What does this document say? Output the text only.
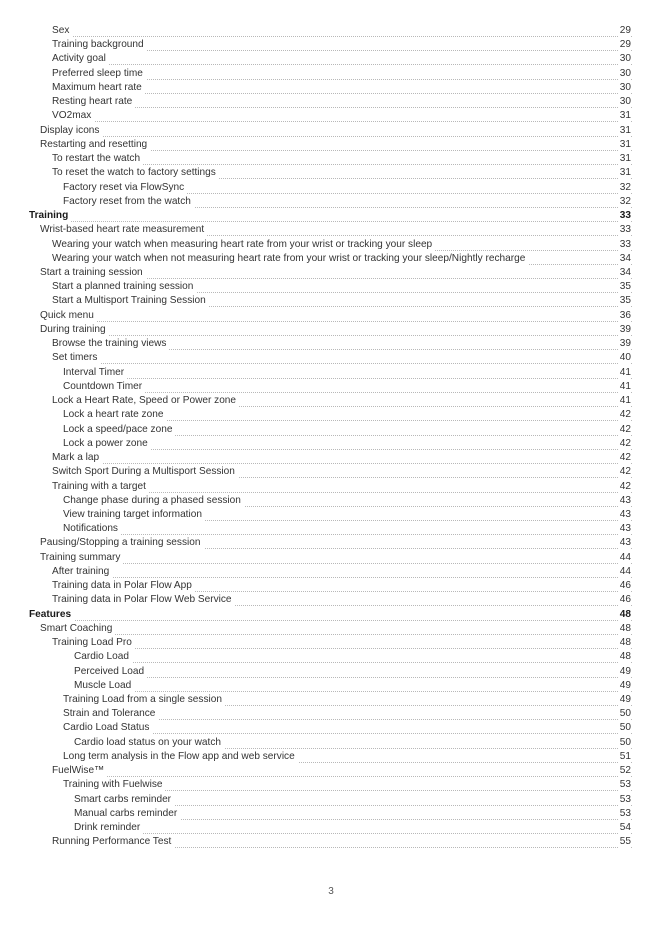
Sex	29
Training background	29
Activity goal	30
Preferred sleep time	30
Maximum heart rate	30
Resting heart rate	30
VO2max	31
Display icons	31
Restarting and resetting	31
To restart the watch	31
To reset the watch to factory settings	31
Factory reset via FlowSync	32
Factory reset from the watch	32
Training	33
Wrist-based heart rate measurement	33
Wearing your watch when measuring heart rate from your wrist or tracking your sleep	33
Wearing your watch when not measuring heart rate from your wrist or tracking your sleep/Nightly recharge	34
Start a training session	34
Start a planned training session	35
Start a Multisport Training Session	35
Quick menu	36
During training	39
Browse the training views	39
Set timers	40
Interval Timer	41
Countdown Timer	41
Lock a Heart Rate, Speed or Power zone	41
Lock a heart rate zone	42
Lock a speed/pace zone	42
Lock a power zone	42
Mark a lap	42
Switch Sport During a Multisport Session	42
Training with a target	42
Change phase during a phased session	43
View training target information	43
Notifications	43
Pausing/Stopping a training session	43
Training summary	44
After training	44
Training data in Polar Flow App	46
Training data in Polar Flow Web Service	46
Features	48
Smart Coaching	48
Training Load Pro	48
Cardio Load	48
Perceived Load	49
Muscle Load	49
Training Load from a single session	49
Strain and Tolerance	50
Cardio Load Status	50
Cardio load status on your watch	50
Long term analysis in the Flow app and web service	51
FuelWise™	52
Training with Fuelwise	53
Smart carbs reminder	53
Manual carbs reminder	53
Drink reminder	54
Running Performance Test	55
3
